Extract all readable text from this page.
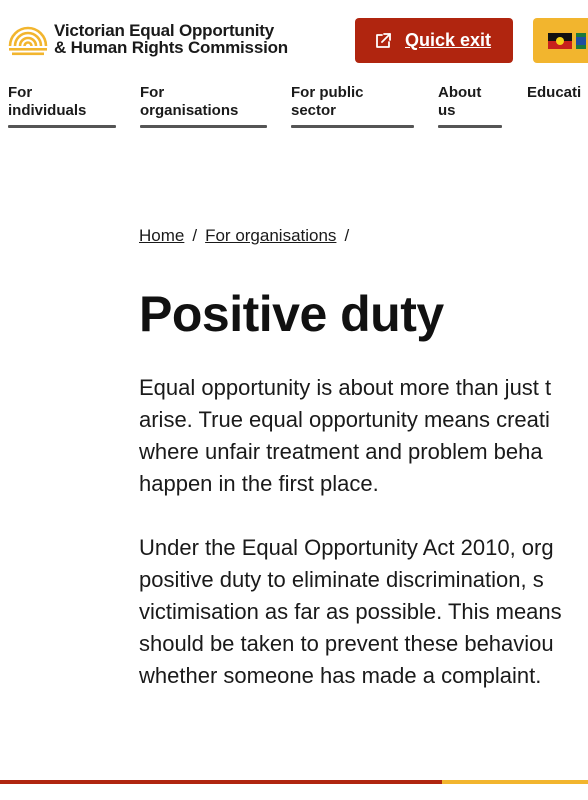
Victorian Equal Opportunity
& Human Rights Commission	Quick exit
For
individuals
For
organisations
For public
sector
About
us
Educati
Home / For organisations /
Positive duty

Equal opportunity is about more than just t
arise. True equal opportunity means creati
where unfair treatment and problem beha
happen in the first place.

Under the Equal Opportunity Act 2010, org
positive duty to eliminate discrimination, s
victimisation as far as possible. This means
should be taken to prevent these behaviou
whether someone has made a complaint.
